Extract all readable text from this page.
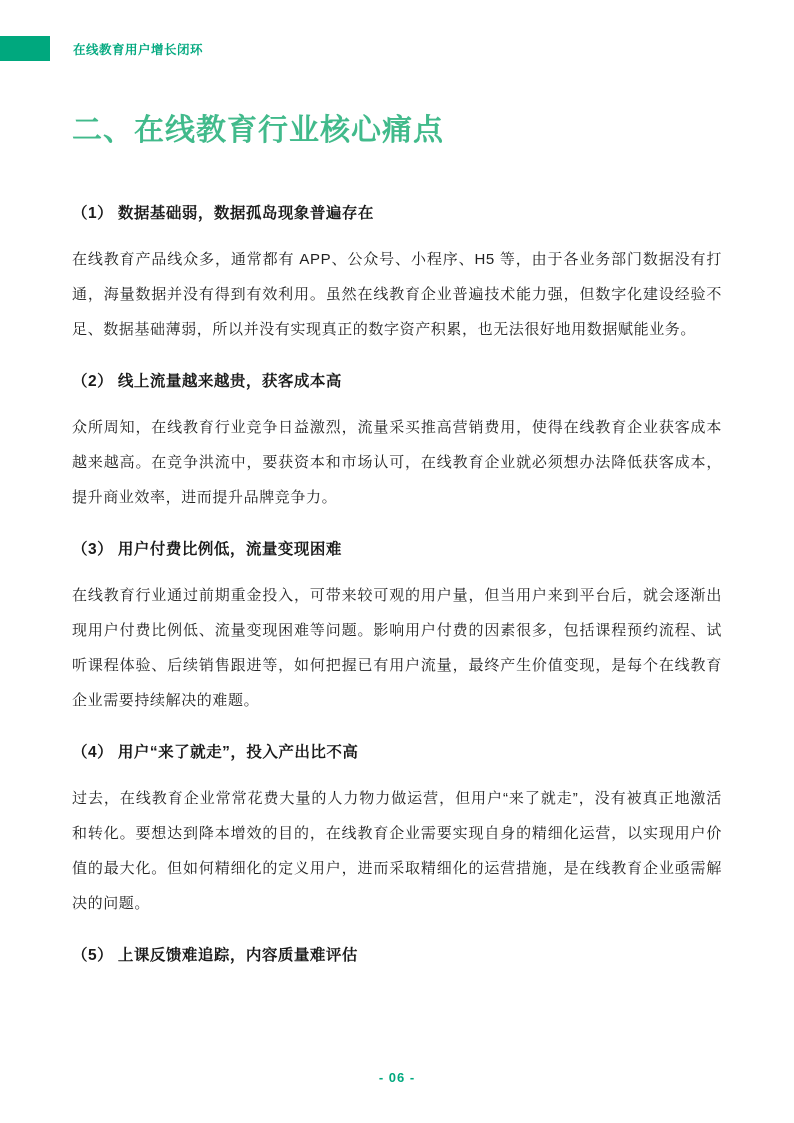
在线教育用户增长闭环
二、在线教育行业核心痛点
（1） 数据基础弱，数据孤岛现象普遍存在

在线教育产品线众多，通常都有 APP、公众号、小程序、H5 等，由于各业务部门数据没有打通，海量数据并没有得到有效利用。虽然在线教育企业普遍技术能力强，但数字化建设经验不足、数据基础薄弱，所以并没有实现真正的数字资产积累，也无法很好地用数据赋能业务。

（2） 线上流量越来越贵，获客成本高

众所周知，在线教育行业竞争日益激烈，流量采买推高营销费用，使得在线教育企业获客成本越来越高。在竞争洪流中，要获资本和市场认可，在线教育企业就必须想办法降低获客成本，提升商业效率，进而提升品牌竞争力。

（3） 用户付费比例低，流量变现困难

在线教育行业通过前期重金投入，可带来较可观的用户量，但当用户来到平台后，就会逐渐出现用户付费比例低、流量变现困难等问题。影响用户付费的因素很多，包括课程预约流程、试听课程体验、后续销售跟进等，如何把握已有用户流量，最终产生价值变现，是每个在线教育企业需要持续解决的难题。

（4） 用户“来了就走”，投入产出比不高

过去，在线教育企业常常花费大量的人力物力做运营，但用户“来了就走”，没有被真正地激活和转化。要想达到降本增效的目的，在线教育企业需要实现自身的精细化运营，以实现用户价值的最大化。但如何精细化的定义用户，进而采取精细化的运营措施，是在线教育企业亟需解决的问题。

（5） 上课反馈难追踪，内容质量难评估
- 06 -
